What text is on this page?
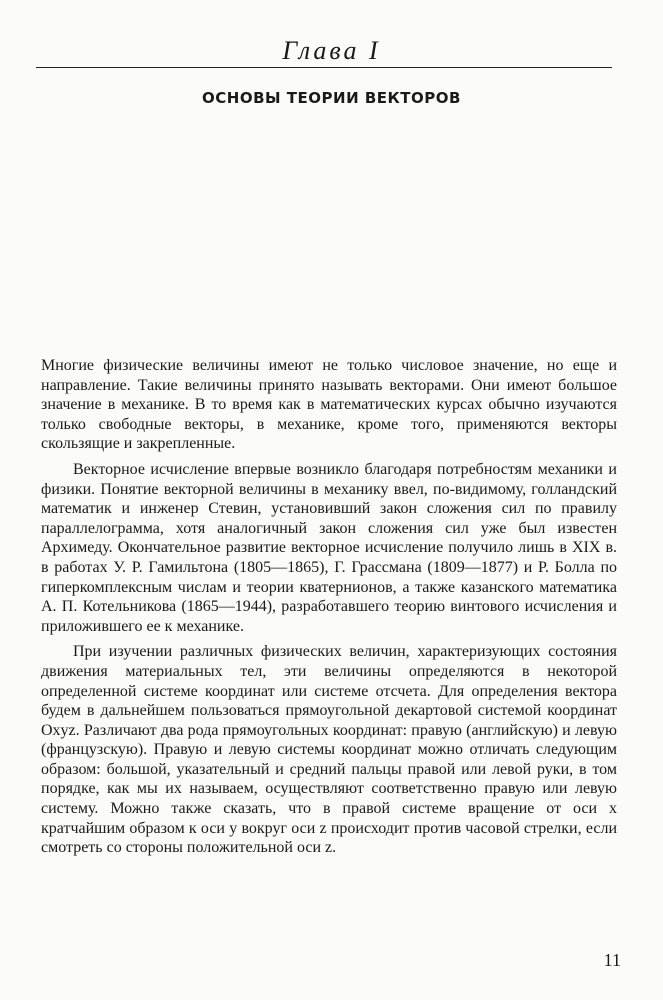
Глава I
ОСНОВЫ ТЕОРИИ ВЕКТОРОВ

Многие физические величины имеют не только числовое значение, но еще и направление. Такие величины принято называть векторами. Они имеют большое значение в механике. В то время как в математических курсах обычно изучаются только свободные векторы, в механике, кроме того, применяются векторы скользящие и закрепленные.

Векторное исчисление впервые возникло благодаря потребностям механики и физики. Понятие векторной величины в механику ввел, по-видимому, голландский математик и инженер Стевин, установивший закон сложения сил по правилу параллелограмма, хотя аналогичный закон сложения сил уже был известен Архимеду. Окончательное развитие векторное исчисление получило лишь в XIX в. в работах У. Р. Гамильтона (1805—1865), Г. Грассмана (1809—1877) и Р. Болла по гиперкомплексным числам и теории кватернионов, а также казанского математика А. П. Котельникова (1865—1944), разработавшего теорию винтового исчисления и приложившего ее к механике.

При изучении различных физических величин, характеризующих состояния движения материальных тел, эти величины определяются в некоторой определенной системе координат или системе отсчета. Для определения вектора будем в дальнейшем пользоваться прямоугольной декартовой системой координат Oxyz. Различают два рода прямоугольных координат: правую (английскую) и левую (французскую). Правую и левую системы координат можно отличать следующим образом: большой, указательный и средний пальцы правой или левой руки, в том порядке, как мы их называем, осуществляют соответственно правую или левую систему. Можно также сказать, что в правой системе вращение от оси x кратчайшим образом к оси y вокруг оси z происходит против часовой стрелки, если смотреть со стороны положительной оси z.

11
